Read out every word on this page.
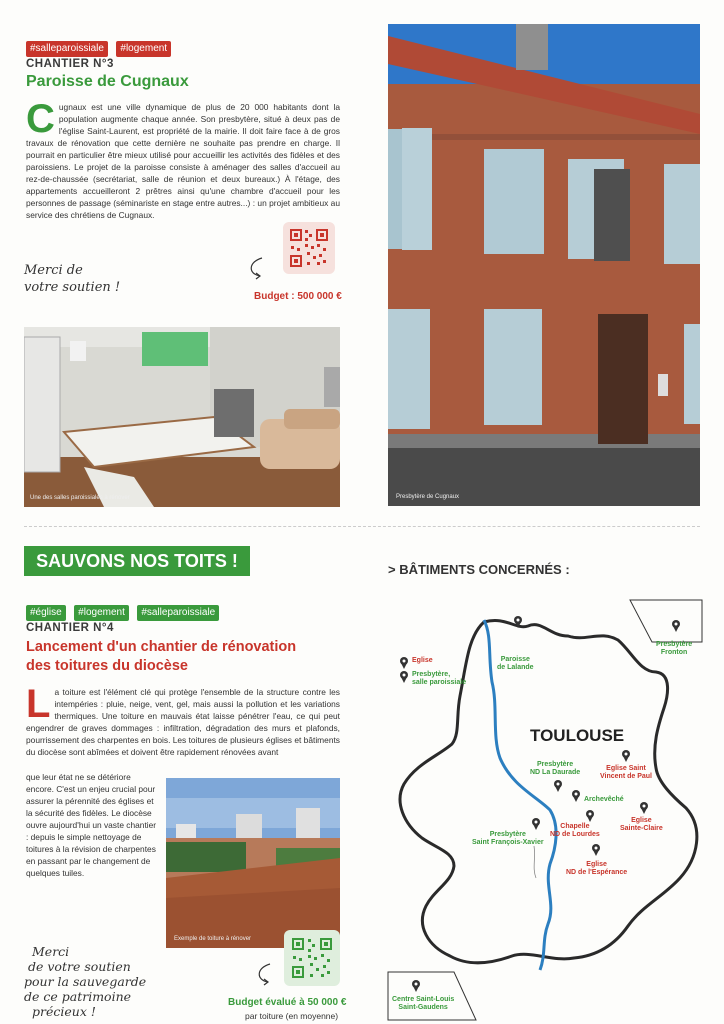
#salleparoissiale #logement
CHANTIER N°3
Paroisse de Cugnaux
Cugnaux est une ville dynamique de plus de 20 000 habitants dont la population augmente chaque année. Son presbytère, situé à deux pas de l'église Saint-Laurent, est propriété de la mairie. Il doit faire face à de gros travaux de rénovation que cette dernière ne souhaite pas prendre en charge. Il pourrait en particulier être mieux utilisé pour accueillir les activités des fidèles et des paroissiens. Le projet de la paroisse consiste à aménager des salles d'accueil au rez-de-chaussée (secrétariat, salle de réunion et deux bureaux.) À l'étage, des appartements accueilleront 2 prêtres ainsi qu'une chambre d'accueil pour les personnes de passage (séminariste en stage entre autres...) : un projet ambitieux au service des chrétiens de Cugnaux.
Merci de
votre soutien !
Budget : 500 000 €
Une des salles paroissiales à rénover	Presbytère de Cugnaux
SAUVONS NOS TOITS !
#église #logement #salleparoissiale
CHANTIER N°4
Lancement d'un chantier de rénovation
des toitures du diocèse
La toiture est l'élément clé qui protège l'ensemble de la structure contre les intempéries : pluie, neige, vent, gel, mais aussi la pollution et les variations thermiques. Une toiture en mauvais état laisse pénétrer l'eau, ce qui peut engendrer de graves dommages : infiltration, dégradation des murs et plafonds, pourrissement des charpentes en bois. Les toitures de plusieurs églises et bâtiments du diocèse sont abîmées et doivent être rapidement rénovées avant
que leur état ne se détériore encore. C'est un enjeu crucial pour assurer la pérennité des églises et la sécurité des fidèles. Le diocèse ouvre aujourd'hui un vaste chantier : depuis le simple nettoyage de toitures à la révision de charpentes en passant par le changement de quelques tuiles.
Exemple de toiture à rénover
Merci
de votre soutien
pour la sauvegarde
de ce patrimoine
précieux !
Budget évalué à 50 000 €
par toiture (en moyenne)
> BÂTIMENTS CONCERNÉS :
Eglise
Presbytère,
salle paroissiale
TOULOUSE
Paroisse
de Lalande
Presbytère
Fronton
Presbytère
ND La Daurade
Eglise Saint
Vincent de Paul
Archevêché
Eglise
Sainte-Claire
Chapelle
ND de Lourdes
Presbytère
Saint François-Xavier
Eglise
ND de l'Espérance
Centre Saint-Louis
Saint-Gaudens
